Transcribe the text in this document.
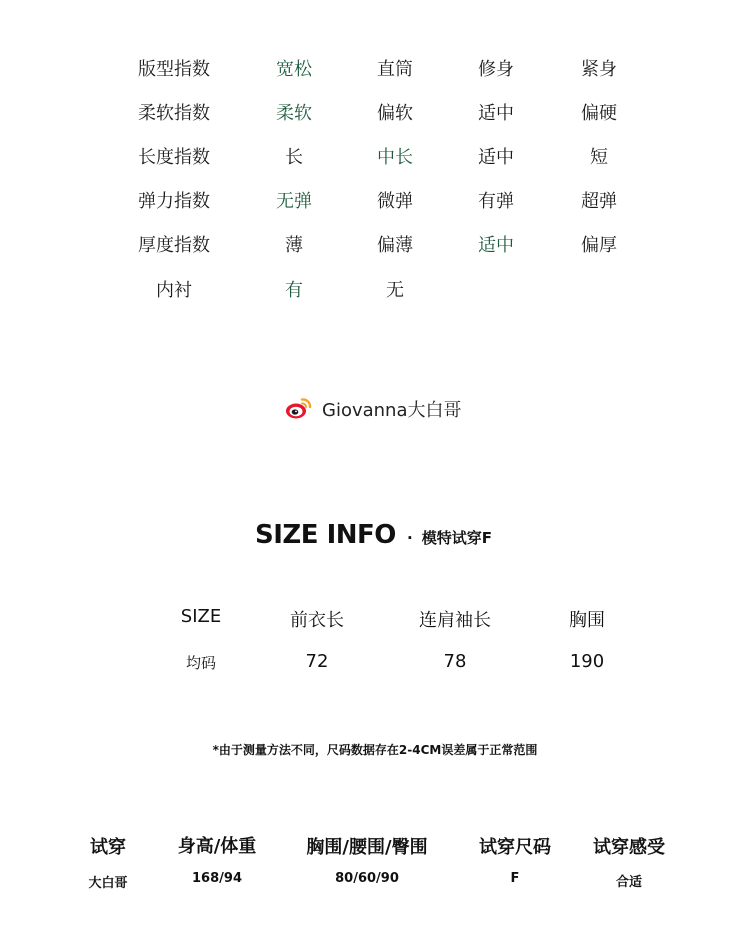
版型指数	宽松	直筒	修身	紧身
柔软指数	柔软	偏软	适中	偏硬
长度指数	长	中长	适中	短
弹力指数	无弹	微弹	有弹	超弹
厚度指数	薄	偏薄	适中	偏厚
内衬	有	无
Giovanna大白哥
SIZE INFO · 模特试穿F
SIZE	前衣长	连肩袖长	胸围
均码	72	78	190
*由于测量方法不同，尺码数据存在2-4CM误差属于正常范围
试穿	身高/体重	胸围/腰围/臀围	试穿尺码 试穿感受
大白哥	168/94	80/60/90	F	合适
